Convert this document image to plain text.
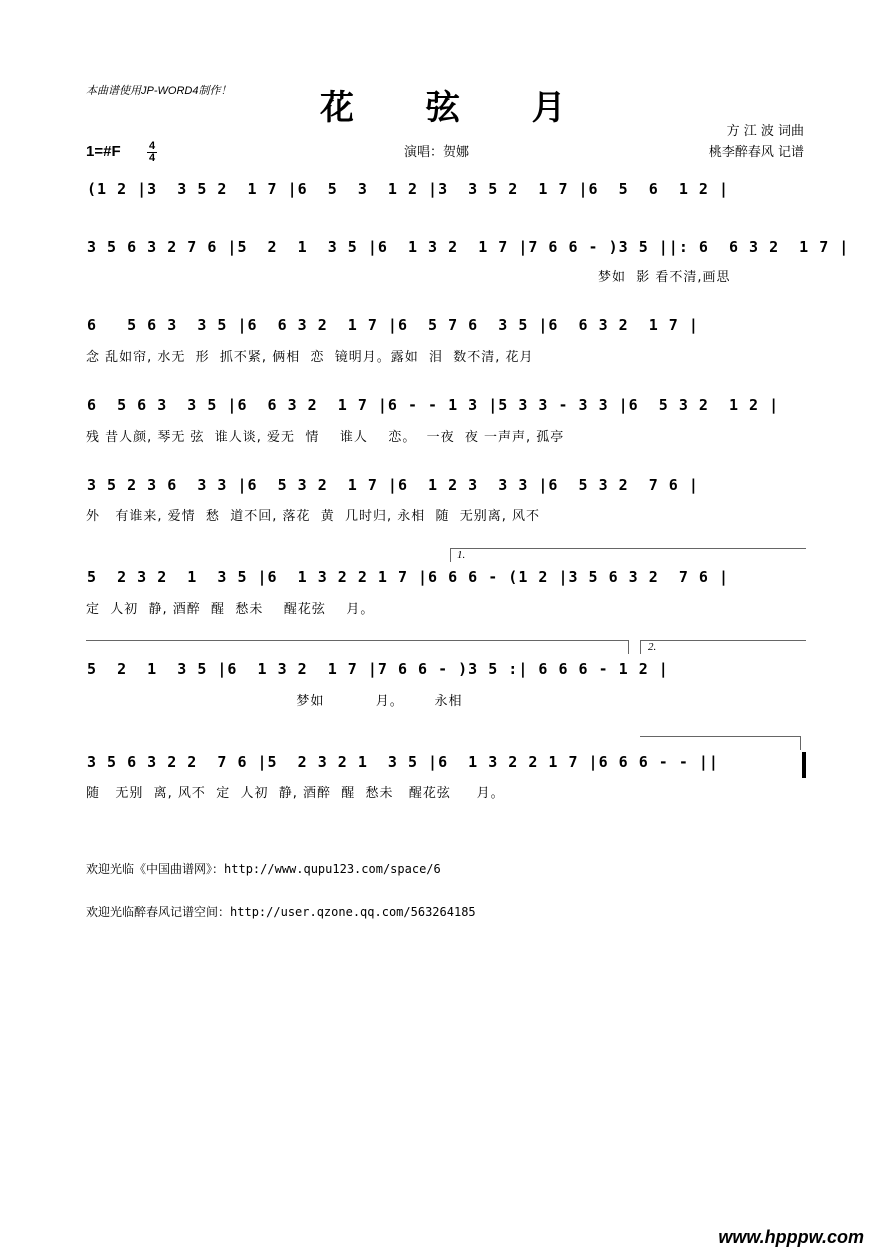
本曲谱使用JP-WORD4制作！	花 弦 月
方 江 波 词曲
桃李醉春风 记谱
1=#F	4
4	演唱：贺娜
(1 2 |3  3 5 2  1 7 |6  5  3  1 2 |3  3 5 2  1 7 |6  5  6  1 2 |
3 5 6 3 2 7 6 |5  2  1  3 5 |6  1 3 2  1 7 |7 6 6 - )3 5 ||: 6  6 3 2  1 7 |
梦如  影 看不清,画思
6   5 6 3  3 5 |6  6 3 2  1 7 |6  5 7 6  3 5 |6  6 3 2  1 7 |
念 乱如帘, 水无  形  抓不紧, 俩相  恋  镜明月。露如  泪  数不清, 花月
6  5 6 3  3 5 |6  6 3 2  1 7 |6 - - 1 3 |5 3 3 - 3 3 |6  5 3 2  1 2 |
残 昔人颜, 琴无 弦  谁人谈, 爱无  情    谁人    恋。  一夜  夜 一声声, 孤亭
3 5 2 3 6  3 3 |6  5 3 2  1 7 |6  1 2 3  3 3 |6  5 3 2  7 6 |
外   有谁来, 爱情  愁  道不回, 落花  黄  几时归, 永相  随  无别离, 风不
1.
5  2 3 2  1  3 5 |6  1 3 2 2 1 7 |6 6 6 - (1 2 |3 5 6 3 2  7 6 |
定  人初  静, 酒醉  醒  愁未    醒花弦    月。
2.
5  2  1  3 5 |6  1 3 2  1 7 |7 6 6 - )3 5 :| 6 6 6 - 1 2 |
梦如          月。      永相
3 5 6 3 2 2  7 6 |5  2 3 2 1  3 5 |6  1 3 2 2 1 7 |6 6 6 - - ||
随   无别  离, 风不  定  人初  静, 酒醉  醒  愁未   醒花弦     月。
欢迎光临《中国曲谱网》：http://www.qupu123.com/space/6
欢迎光临醉春风记谱空间：http://user.qzone.qq.com/563264185
www.hpppw.com
